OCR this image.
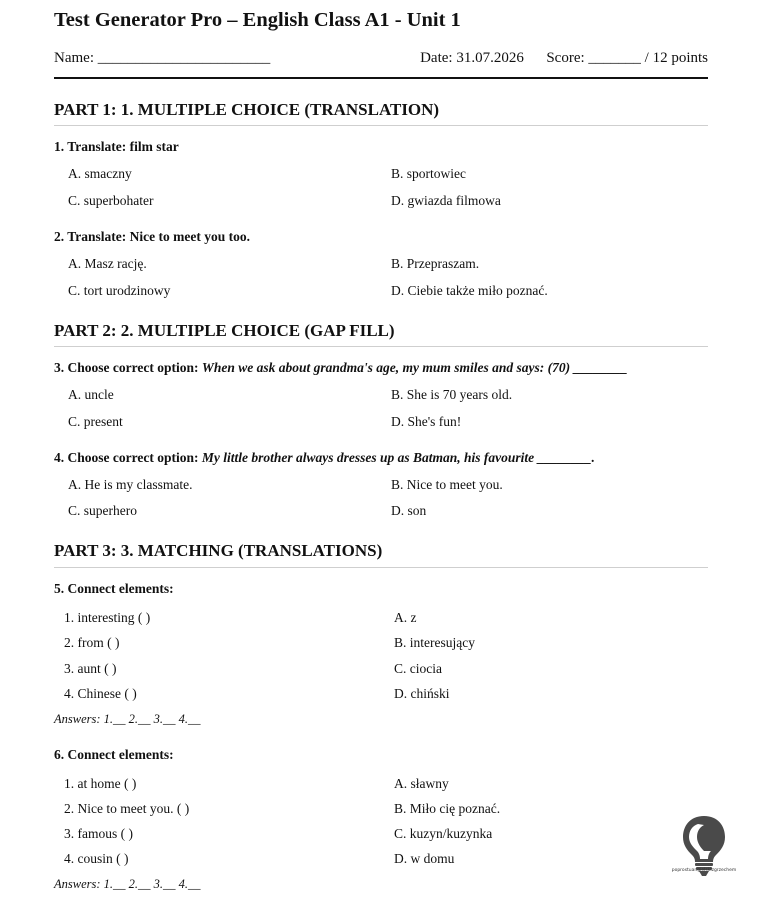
Test Generator Pro – English Class A1 - Unit 1
Name: _______________________	Date: 31.07.2026 Score: _______ / 12 points
PART 1: 1. MULTIPLE CHOICE (TRANSLATION)
1. Translate: film star
A. smaczny	B. sportowiec
C. superbohater	D. gwiazda filmowa
2. Translate: Nice to meet you too.
A. Masz rację.	B. Przepraszam.
C. tort urodzinowy	D. Ciebie także miło poznać.
PART 2: 2. MULTIPLE CHOICE (GAP FILL)
3. Choose correct option: When we ask about grandma's age, my mum smiles and says: (70) ________
A. uncle	B. She is 70 years old.
C. present	D. She's fun!
4. Choose correct option: My little brother always dresses up as Batman, his favourite ________.
A. He is my classmate.	B. Nice to meet you.
C. superhero	D. son
PART 3: 3. MATCHING (TRANSLATIONS)
5. Connect elements:
1. interesting ( )	A. z
2. from ( )	B. interesujący
3. aunt ( )	C. ciocia
4. Chinese ( )	D. chiński
Answers: 1.__ 2.__ 3.__ 4.__
6. Connect elements:
1. at home ( )	A. sławny
2. Nice to meet you. ( )	B. Miło cię poznać.
3. famous ( )	C. kuzyn/kuzynka
4. cousin ( )	D. w domu
Answers: 1.__ 2.__ 3.__ 4.__
poprostuangielskizgrzechem
